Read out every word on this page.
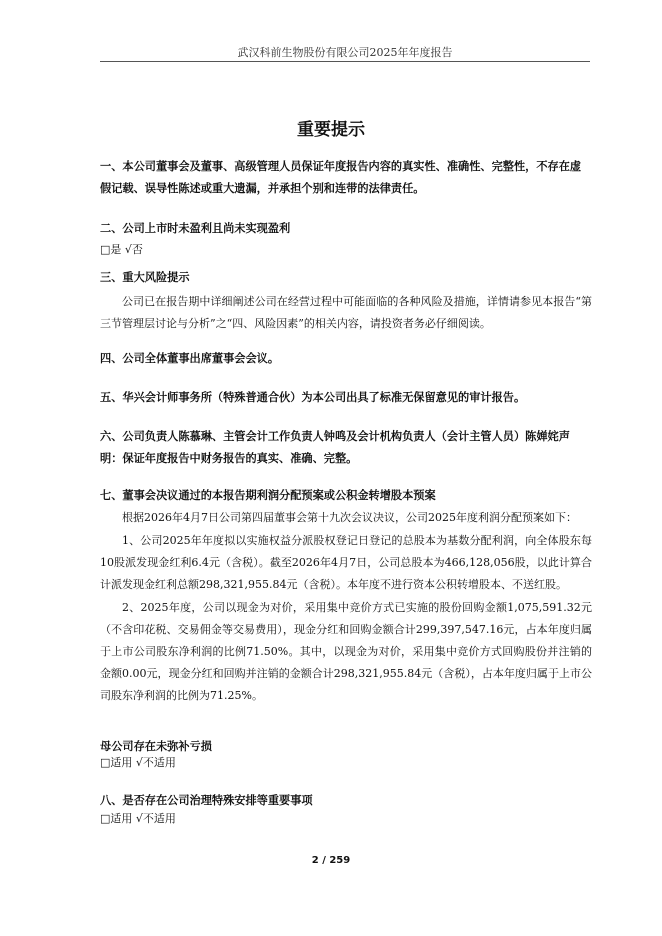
武汉科前生物股份有限公司2025年年度报告
重要提示
一、本公司董事会及董事、高级管理人员保证年度报告内容的真实性、准确性、完整性，不存在虚假记载、误导性陈述或重大遗漏，并承担个别和连带的法律责任。
二、公司上市时未盈利且尚未实现盈利
□是 √否
三、重大风险提示
公司已在报告期中详细阐述公司在经营过程中可能面临的各种风险及措施，详情请参见本报告“第三节管理层讨论与分析”之“四、风险因素”的相关内容，请投资者务必仔细阅读。
四、公司全体董事出席董事会会议。
五、华兴会计师事务所（特殊普通合伙）为本公司出具了标准无保留意见的审计报告。
六、公司负责人陈慕琳、主管会计工作负责人钟鸣及会计机构负责人（会计主管人员）陈婵姹声明：保证年度报告中财务报告的真实、准确、完整。
七、董事会决议通过的本报告期利润分配预案或公积金转增股本预案
根据2026年4月7日公司第四届董事会第十九次会议决议，公司2025年度利润分配预案如下：
1、公司2025年年度拟以实施权益分派股权登记日登记的总股本为基数分配利润，向全体股东每10股派发现金红利6.4元（含税）。截至2026年4月7日，公司总股本为466,128,056股，以此计算合计派发现金红利总额298,321,955.84元（含税）。本年度不进行资本公积转增股本、不送红股。
2、2025年度，公司以现金为对价，采用集中竞价方式已实施的股份回购金额1,075,591.32元（不含印花税、交易佣金等交易费用），现金分红和回购金额合计299,397,547.16元，占本年度归属于上市公司股东净利润的比例71.50%。其中，以现金为对价，采用集中竞价方式回购股份并注销的金额0.00元，现金分红和回购并注销的金额合计298,321,955.84元（含税），占本年度归属于上市公司股东净利润的比例为71.25%。
母公司存在未弥补亏损
□适用 √不适用
八、是否存在公司治理特殊安排等重要事项
□适用 √不适用
2 / 259
